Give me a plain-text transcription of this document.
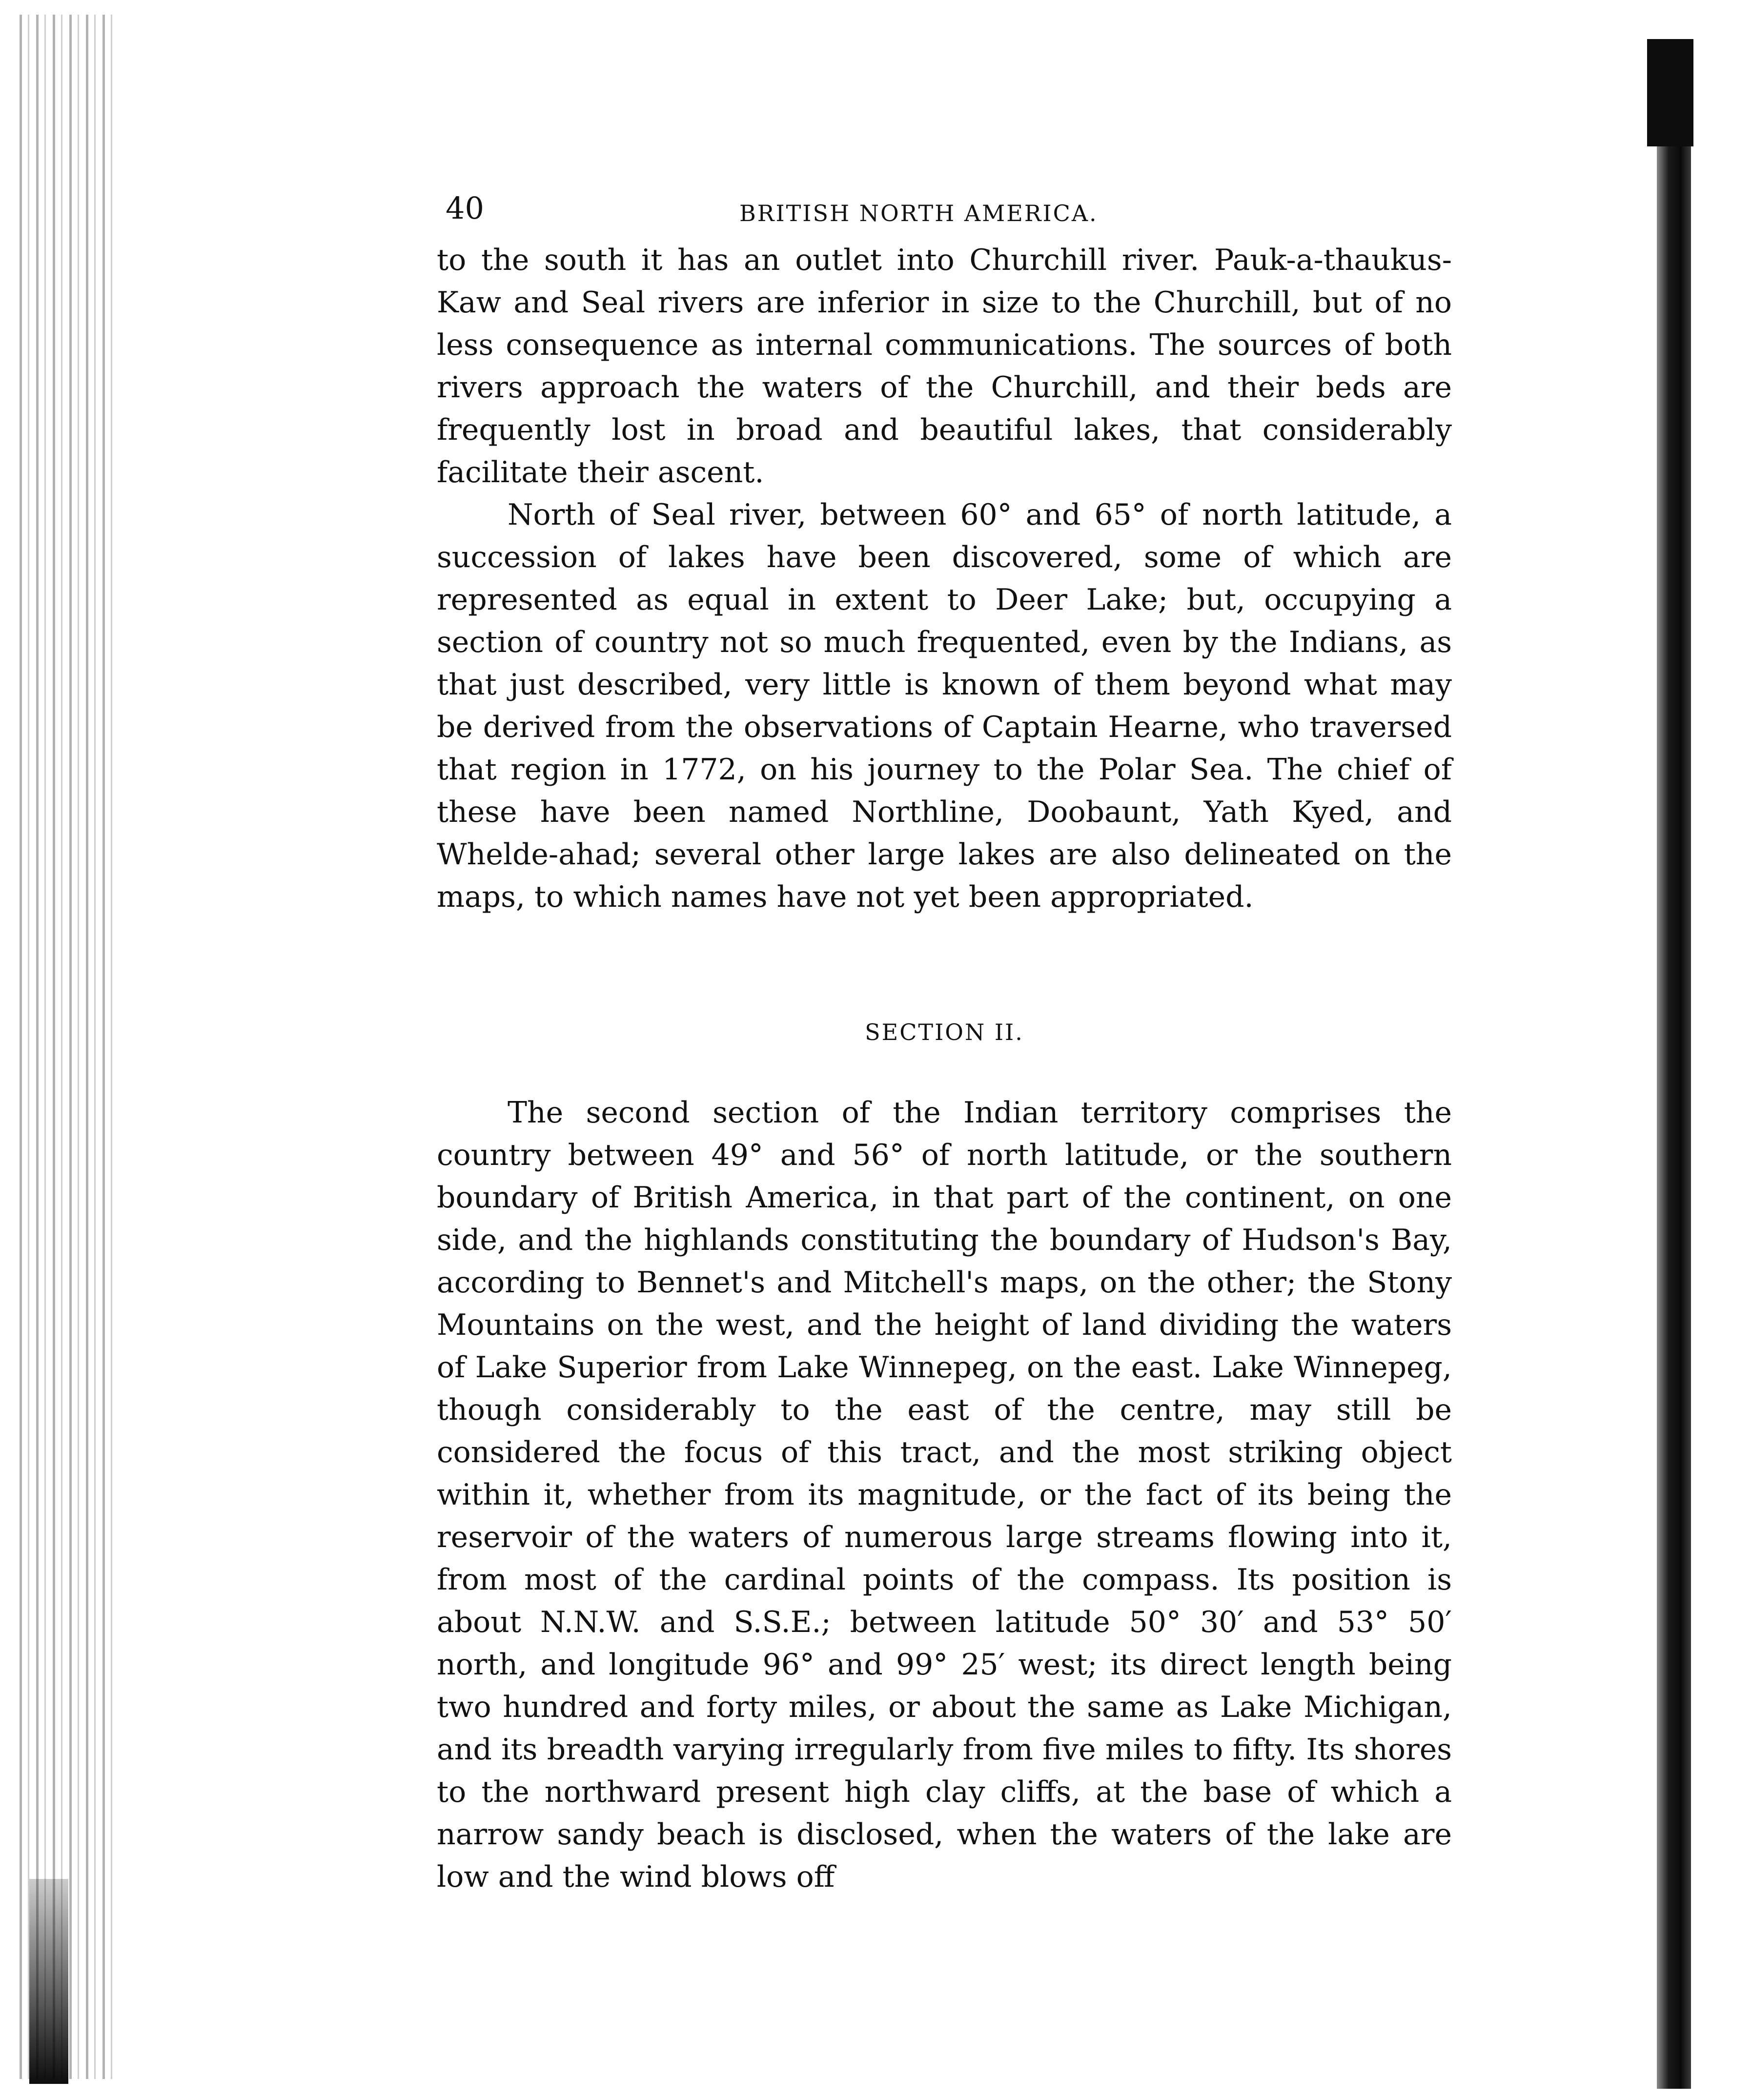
40	BRITISH NORTH AMERICA.

to the south it has an outlet into Churchill river. Pauk-a-thaukus-Kaw and Seal rivers are inferior in size to the Churchill, but of no less consequence as internal communications. The sources of both rivers approach the waters of the Churchill, and their beds are frequently lost in broad and beautiful lakes, that considerably facilitate their ascent.

North of Seal river, between 60° and 65° of north latitude, a succession of lakes have been discovered, some of which are represented as equal in extent to Deer Lake; but, occupying a section of country not so much frequented, even by the Indians, as that just described, very little is known of them beyond what may be derived from the observations of Captain Hearne, who traversed that region in 1772, on his journey to the Polar Sea. The chief of these have been named Northline, Doobaunt, Yath Kyed, and Whelde-ahad; several other large lakes are also delineated on the maps, to which names have not yet been appropriated.

SECTION II.

The second section of the Indian territory comprises the country between 49° and 56° of north latitude, or the southern boundary of British America, in that part of the continent, on one side, and the highlands constituting the boundary of Hudson's Bay, according to Bennet's and Mitchell's maps, on the other; the Stony Mountains on the west, and the height of land dividing the waters of Lake Superior from Lake Winnepeg, on the east. Lake Winnepeg, though considerably to the east of the centre, may still be considered the focus of this tract, and the most striking object within it, whether from its magnitude, or the fact of its being the reservoir of the waters of numerous large streams flowing into it, from most of the cardinal points of the compass. Its position is about N.N.W. and S.S.E.; between latitude 50° 30′ and 53° 50′ north, and longitude 96° and 99° 25′ west; its direct length being two hundred and forty miles, or about the same as Lake Michigan, and its breadth varying irregularly from five miles to fifty. Its shores to the northward present high clay cliffs, at the base of which a narrow sandy beach is disclosed, when the waters of the lake are low and the wind blows off
